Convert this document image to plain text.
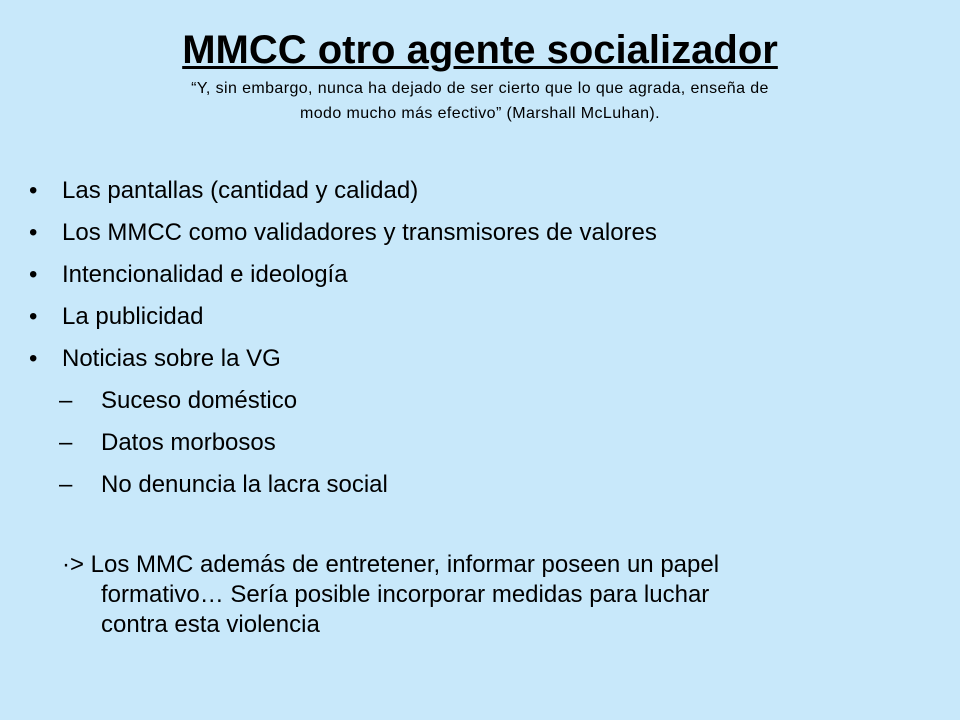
MMCC otro agente socializador
“Y, sin embargo, nunca ha dejado de ser cierto que lo que agrada, enseña de
modo mucho más efectivo” (Marshall McLuhan).
• Las pantallas (cantidad y calidad)
• Los MMCC como validadores y transmisores de valores
• Intencionalidad e ideología
• La publicidad
• Noticias sobre la VG
– Suceso doméstico
– Datos morbosos
– No denuncia la lacra social
·> Los MMC además de entretener, informar poseen un papel
formativo… Sería posible incorporar medidas para luchar
contra esta violencia
